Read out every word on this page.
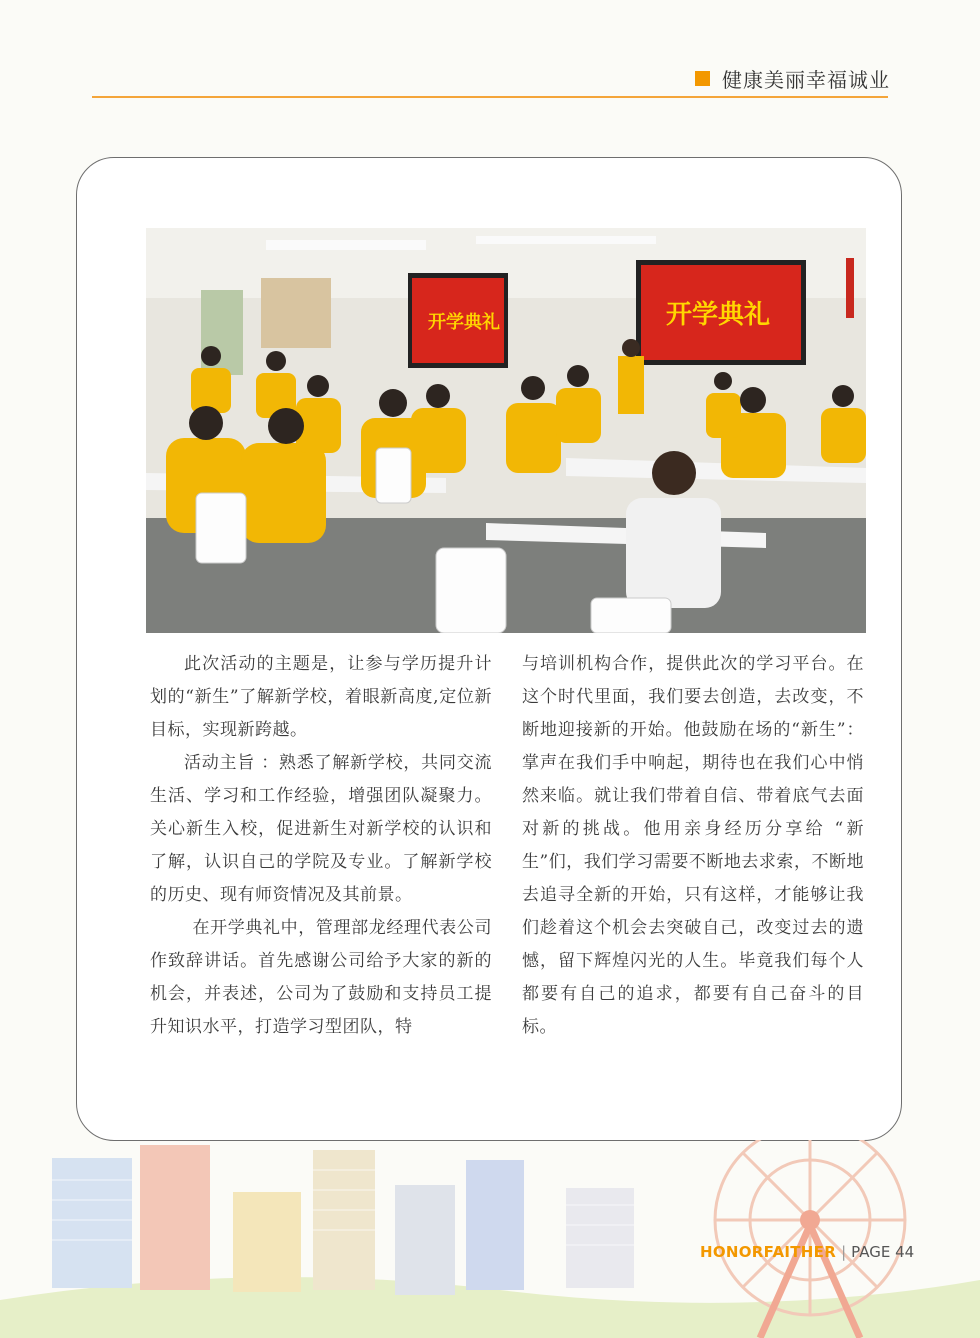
健康美丽幸福诚业
开学典礼	开学典礼

此次活动的主题是，让参与学历提升计划的“新生”了解新学校，着眼新高度,定位新目标，实现新跨越。

活动主旨 ：熟悉了解新学校，共同交流生活、学习和工作经验，增强团队凝聚力。关心新生入校，促进新生对新学校的认识和了解，认识自己的学院及专业。了解新学校的历史、现有师资情况及其前景。

在开学典礼中，管理部龙经理代表公司作致辞讲话。首先感谢公司给予大家的新的机会，并表述，公司为了鼓励和支持员工提升知识水平，打造学习型团队，特

与培训机构合作，提供此次的学习平台。在这个时代里面，我们要去创造，去改变，不断地迎接新的开始。他鼓励在场的“新生”：掌声在我们手中响起，期待也在我们心中悄然来临。就让我们带着自信、带着底气去面对新的挑战。他用亲身经历分享给 “新生”们，我们学习需要不断地去求索，不断地去追寻全新的开始，只有这样，才能够让我们趁着这个机会去突破自己，改变过去的遗憾，留下辉煌闪光的人生。毕竟我们每个人都要有自己的追求，都要有自己奋斗的目标。

HONORFAITHER | PAGE 44
